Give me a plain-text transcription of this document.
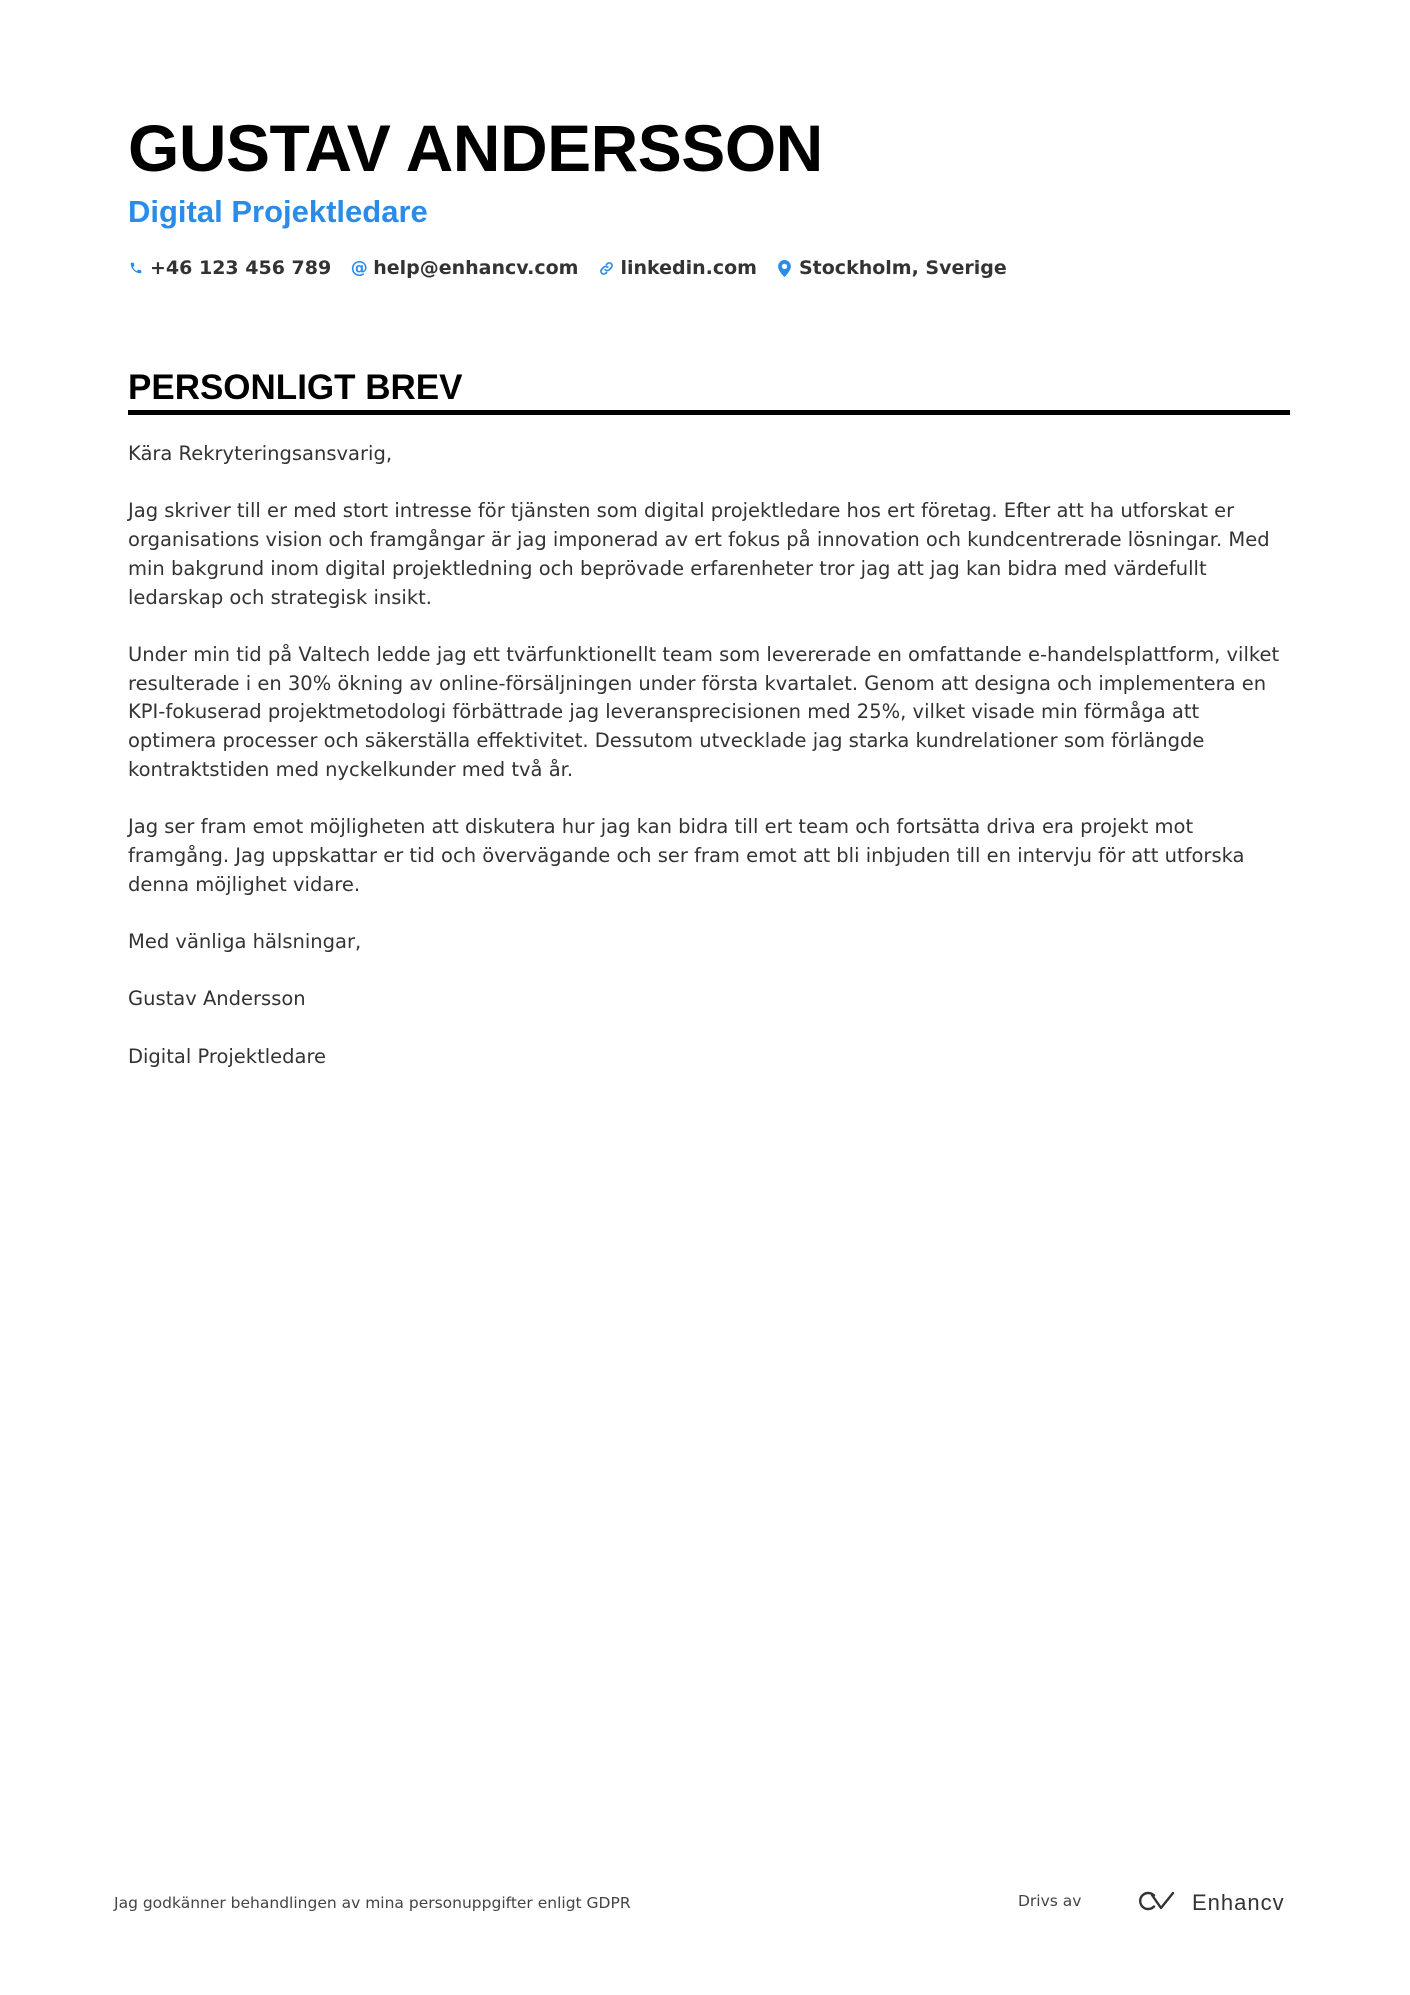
GUSTAV ANDERSSON
Digital Projektledare
+46 123 456 789 @ help@enhancv.com linkedin.com Stockholm, Sverige
PERSONLIGT BREV

Kära Rekryteringsansvarig,

Jag skriver till er med stort intresse för tjänsten som digital projektledare hos ert företag. Efter att ha utforskat er organisations vision och framgångar är jag imponerad av ert fokus på innovation och kundcentrerade lösningar. Med min bakgrund inom digital projektledning och beprövade erfarenheter tror jag att jag kan bidra med värdefullt ledarskap och strategisk insikt.

Under min tid på Valtech ledde jag ett tvärfunktionellt team som levererade en omfattande e-handelsplattform, vilket resulterade i en 30% ökning av online-försäljningen under första kvartalet. Genom att designa och implementera en KPI-fokuserad projektmetodologi förbättrade jag leveransprecisionen med 25%, vilket visade min förmåga att optimera processer och säkerställa effektivitet. Dessutom utvecklade jag starka kundrelationer som förlängde kontraktstiden med nyckelkunder med två år.

Jag ser fram emot möjligheten att diskutera hur jag kan bidra till ert team och fortsätta driva era projekt mot framgång. Jag uppskattar er tid och övervägande och ser fram emot att bli inbjuden till en intervju för att utforska denna möjlighet vidare.

Med vänliga hälsningar,

Gustav Andersson

Digital Projektledare

Jag godkänner behandlingen av mina personuppgifter enligt GDPR	Drivs av	Enhancv
